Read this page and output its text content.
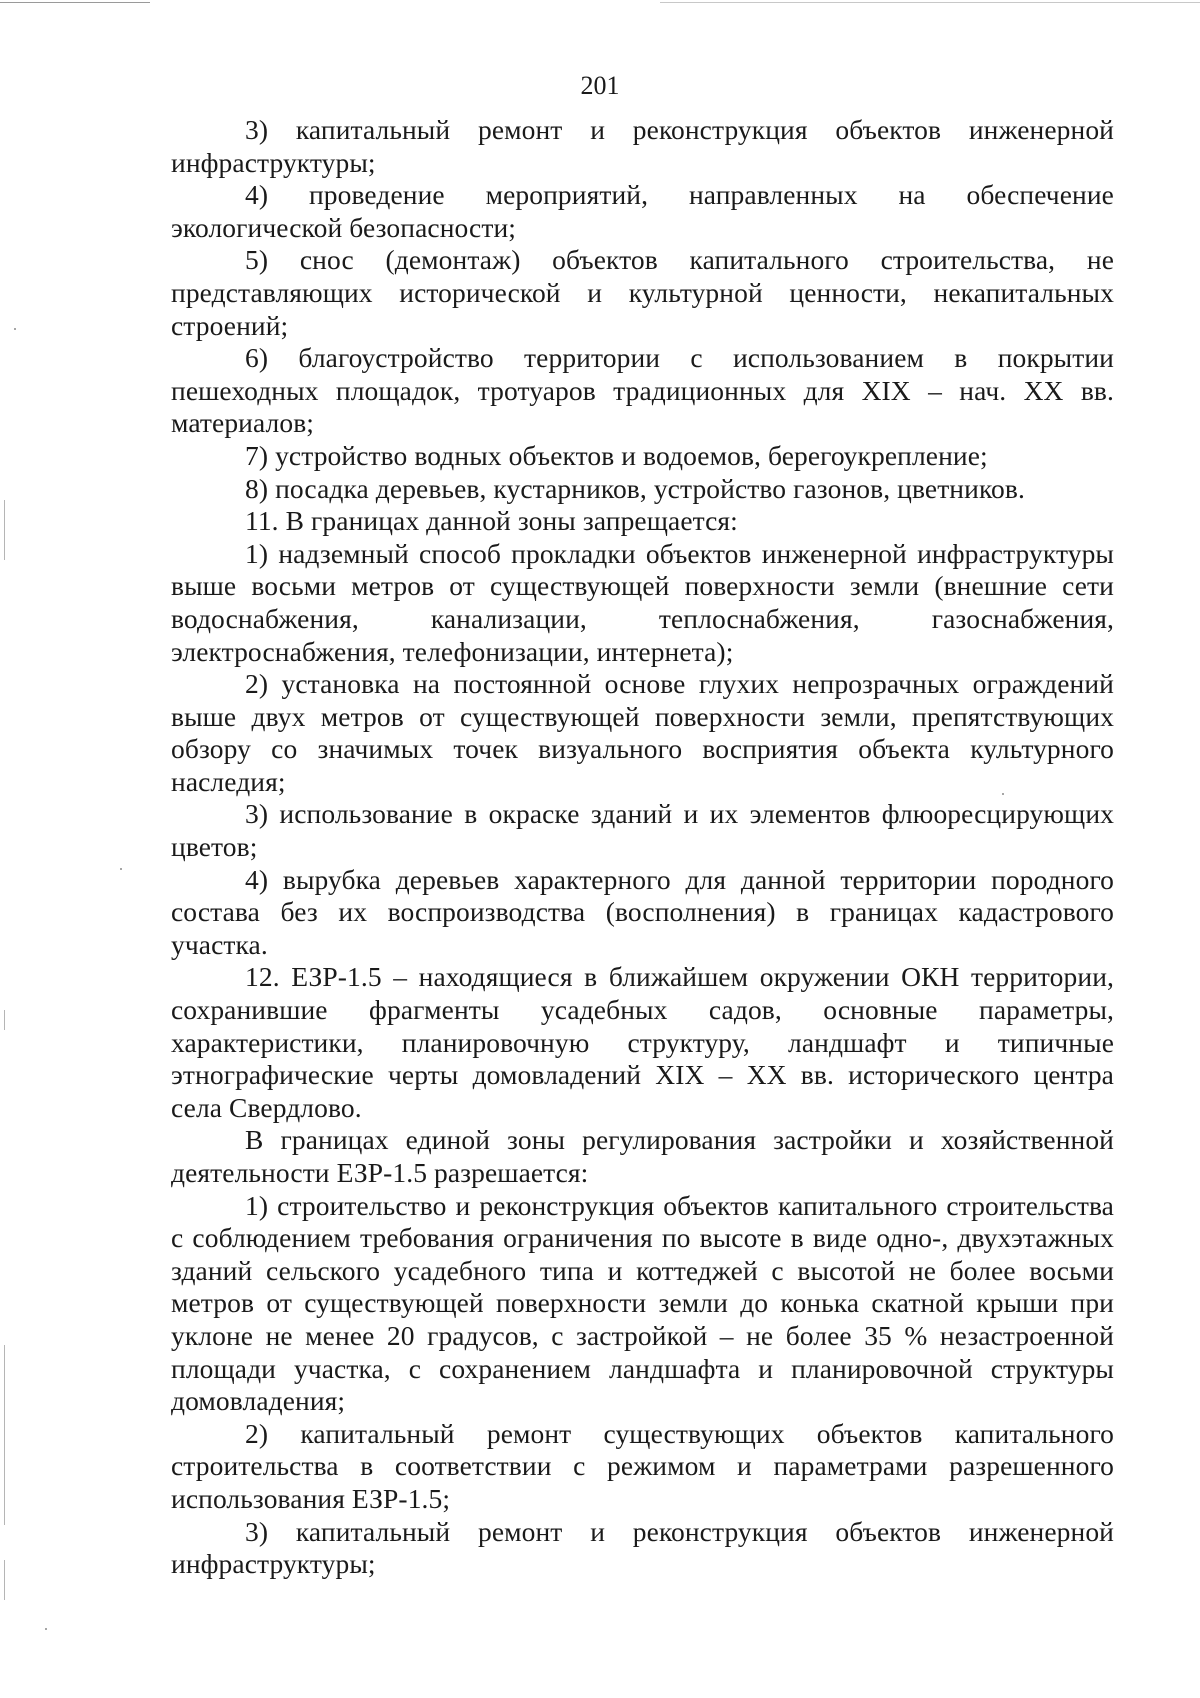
201

3) капитальный ремонт и реконструкция объектов инженерной инфраструктуры;

4) проведение мероприятий, направленных на обеспечение экологической безопасности;

5) снос (демонтаж) объектов капитального строительства, не представляющих исторической и культурной ценности, некапитальных строений;

6) благоустройство территории с использованием в покрытии пешеходных площадок, тротуаров традиционных для XIX – нач. XX вв. материалов;

7) устройство водных объектов и водоемов, берегоукрепление;

8) посадка деревьев, кустарников, устройство газонов, цветников.

11. В границах данной зоны запрещается:

1) надземный способ прокладки объектов инженерной инфраструктуры выше восьми метров от существующей поверхности земли (внешние сети водоснабжения, канализации, теплоснабжения, газоснабжения, электроснабжения, телефонизации, интернета);

2) установка на постоянной основе глухих непрозрачных ограждений выше двух метров от существующей поверхности земли, препятствующих обзору со значимых точек визуального восприятия объекта культурного наследия;

3) использование в окраске зданий и их элементов флюоресцирующих цветов;

4) вырубка деревьев характерного для данной территории породного состава без их воспроизводства (восполнения) в границах кадастрового участка.

12. ЕЗР-1.5 – находящиеся в ближайшем окружении ОКН территории, сохранившие фрагменты усадебных садов, основные параметры, характеристики, планировочную структуру, ландшафт и типичные этнографические черты домовладений XIX – XX вв. исторического центра села Свердлово.

В границах единой зоны регулирования застройки и хозяйственной деятельности ЕЗР-1.5 разрешается:

1) строительство и реконструкция объектов капитального строительства с соблюдением требования ограничения по высоте в виде одно-, двухэтажных зданий сельского усадебного типа и коттеджей с высотой не более восьми метров от существующей поверхности земли до конька скатной крыши при уклоне не менее 20 градусов, с застройкой – не более 35 % незастроенной площади участка, с сохранением ландшафта и планировочной структуры домовладения;

2) капитальный ремонт существующих объектов капитального строительства в соответствии с режимом и параметрами разрешенного использования ЕЗР-1.5;

3) капитальный ремонт и реконструкция объектов инженерной инфраструктуры;
